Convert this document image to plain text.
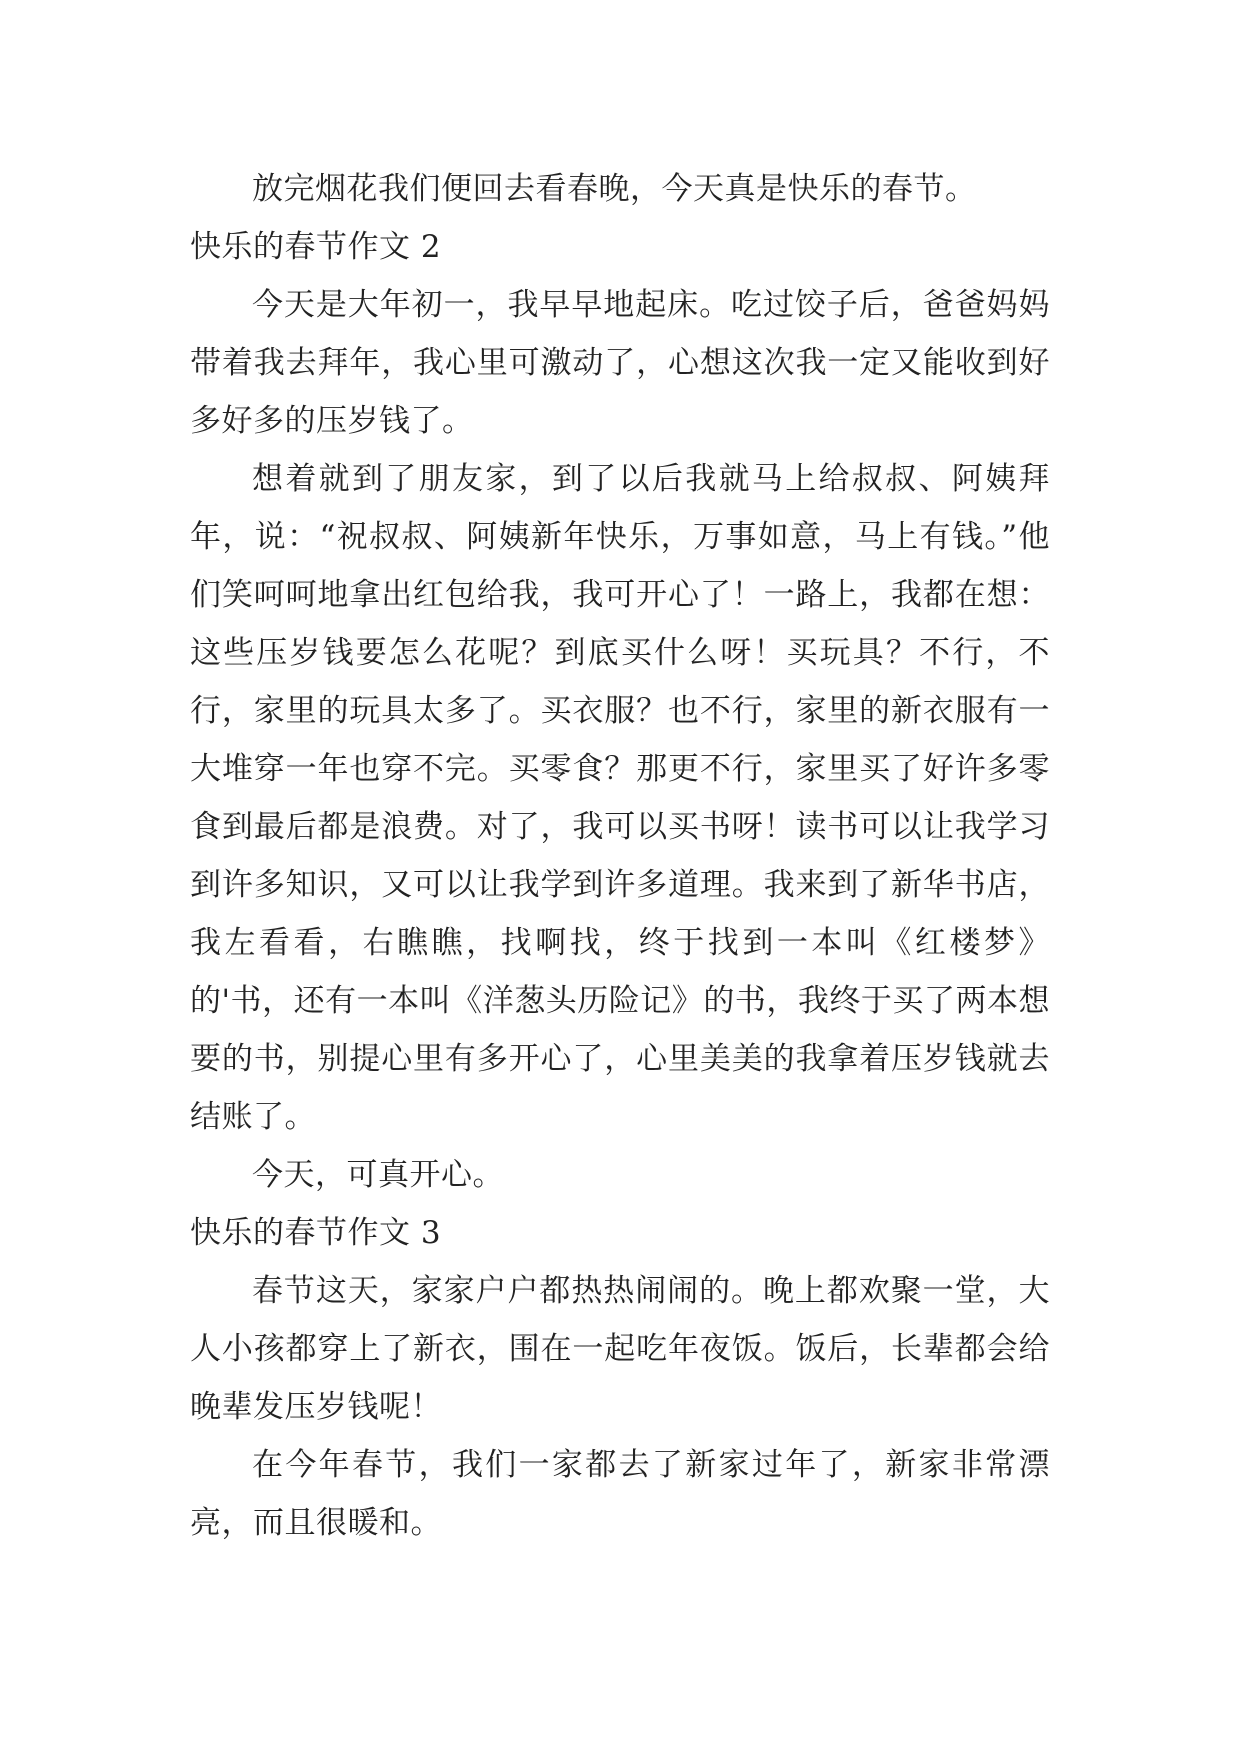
放完烟花我们便回去看春晚，今天真是快乐的春节。

快乐的春节作文 2

今天是大年初一，我早早地起床。吃过饺子后，爸爸妈妈带着我去拜年，我心里可激动了，心想这次我一定又能收到好多好多的压岁钱了。

想着就到了朋友家，到了以后我就马上给叔叔、阿姨拜年，说：“祝叔叔、阿姨新年快乐，万事如意，马上有钱。”他们笑呵呵地拿出红包给我，我可开心了！一路上，我都在想：这些压岁钱要怎么花呢？到底买什么呀！买玩具？不行，不行，家里的玩具太多了。买衣服？也不行，家里的新衣服有一大堆穿一年也穿不完。买零食？那更不行，家里买了好许多零食到最后都是浪费。对了，我可以买书呀！读书可以让我学习到许多知识，又可以让我学到许多道理。我来到了新华书店，我左看看，右瞧瞧，找啊找，终于找到一本叫《红楼梦》的'书，还有一本叫《洋葱头历险记》的书，我终于买了两本想要的书，别提心里有多开心了，心里美美的我拿着压岁钱就去结账了。

今天，可真开心。

快乐的春节作文 3

春节这天，家家户户都热热闹闹的。晚上都欢聚一堂，大人小孩都穿上了新衣，围在一起吃年夜饭。饭后，长辈都会给晚辈发压岁钱呢！

在今年春节，我们一家都去了新家过年了，新家非常漂亮，而且很暖和。
